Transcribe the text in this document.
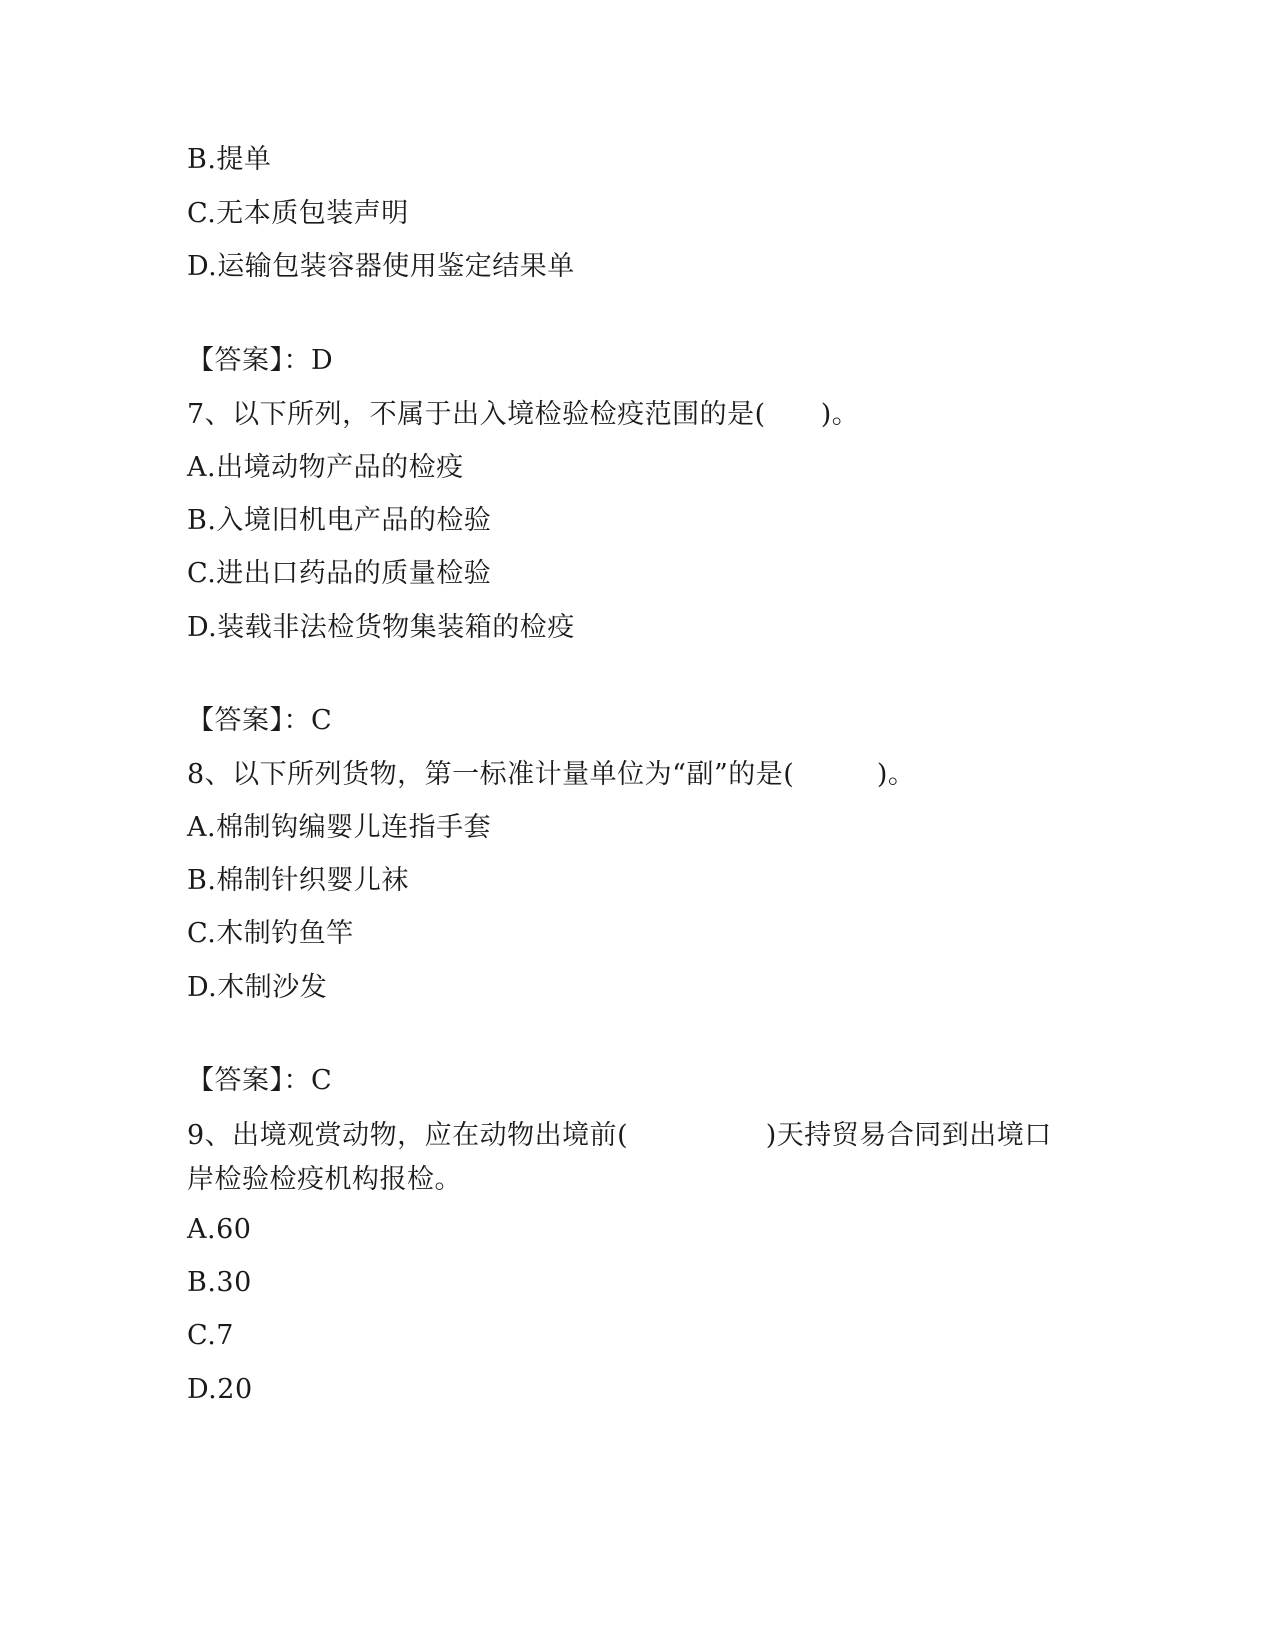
B.提单
C.无本质包装声明
D.运输包装容器使用鉴定结果单
【答案】：D
7、以下所列，不属于出入境检验检疫范围的是(　　)。
A.出境动物产品的检疫
B.入境旧机电产品的检验
C.进出口药品的质量检验
D.装载非法检货物集装箱的检疫
【答案】：C
8、以下所列货物，第一标准计量单位为“副”的是(　　　)。
A.棉制钩编婴儿连指手套
B.棉制针织婴儿袜
C.木制钓鱼竿
D.木制沙发
【答案】：C
9、出境观赏动物，应在动物出境前(　　　　　)天持贸易合同到出境口岸检验检疫机构报检。
A.60
B.30
C.7
D.20
